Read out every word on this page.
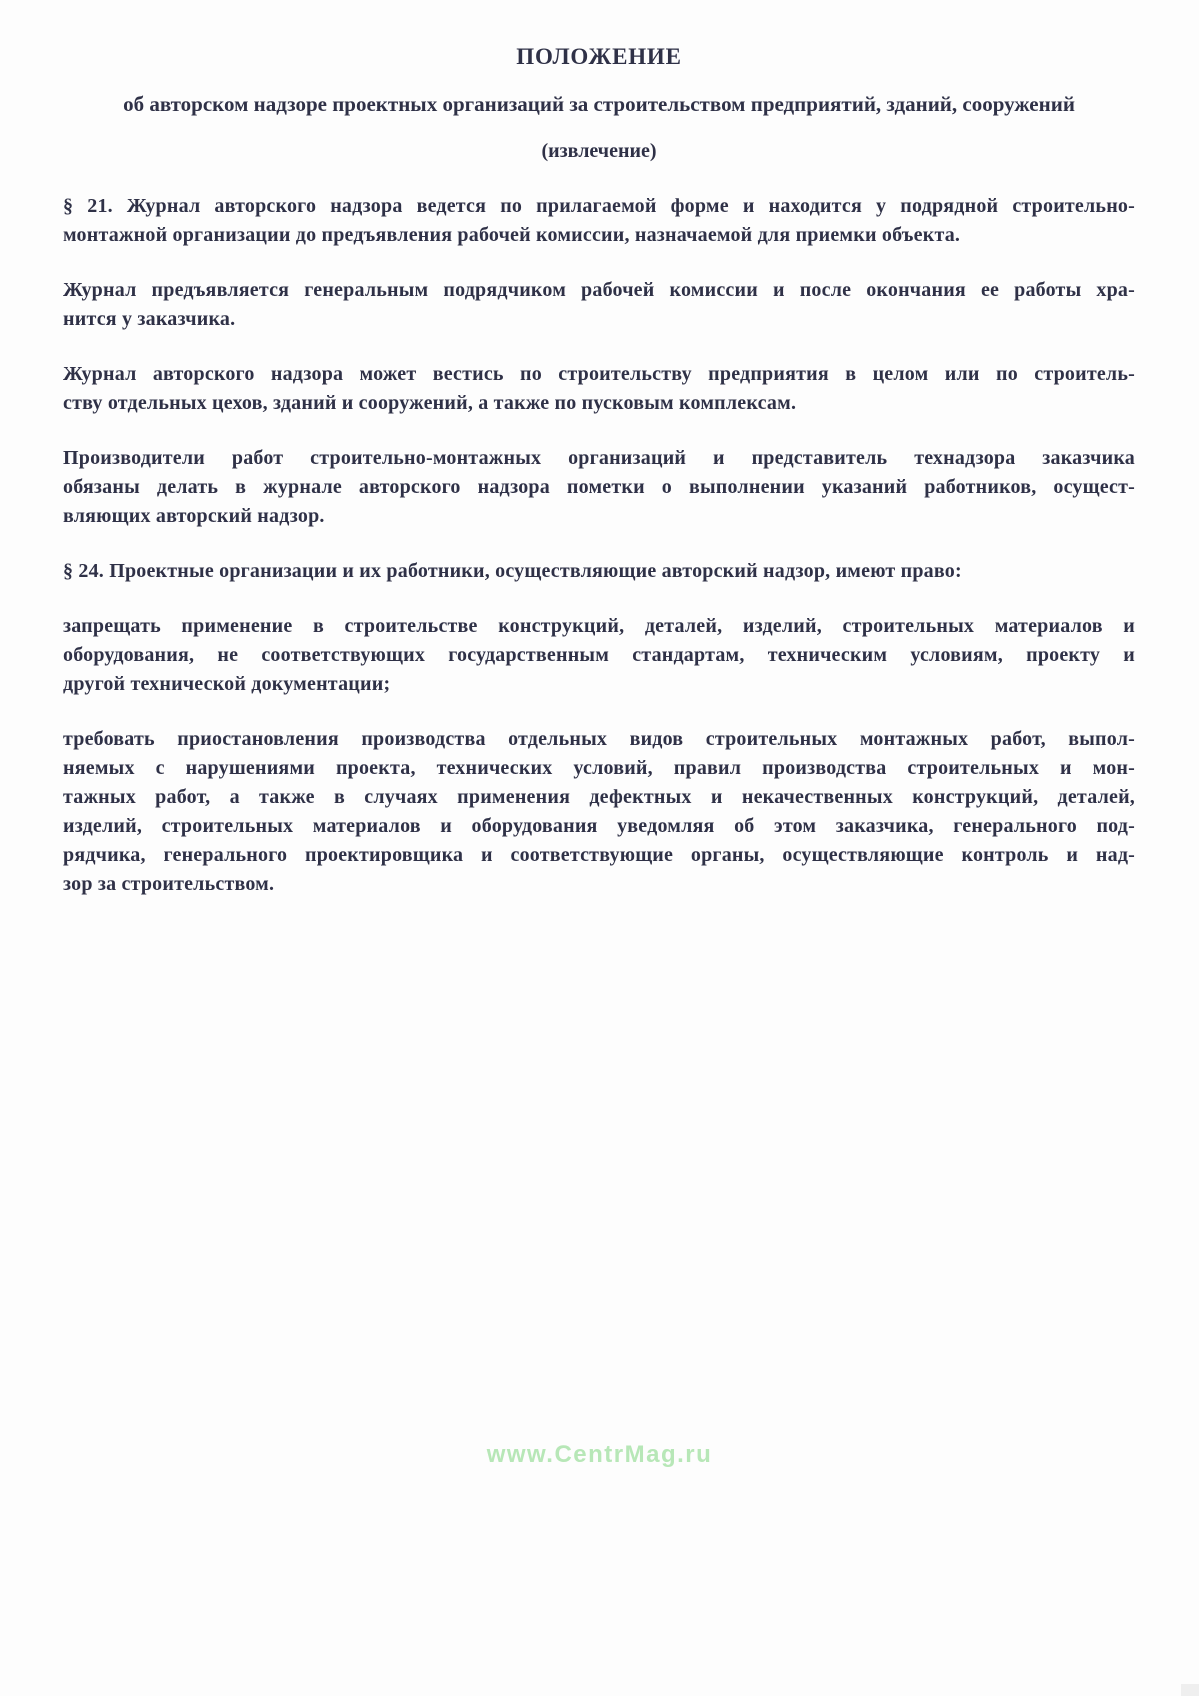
ПОЛОЖЕНИЕ
об авторском надзоре проектных организаций за строительством предприятий, зданий, сооружений
(извлечение)

§ 21. Журнал авторского надзора ведется по прилагаемой форме и находится у подрядной строительно-
монтажной организации до предъявления рабочей комиссии, назначаемой для приемки объекта.

Журнал предъявляется генеральным подрядчиком рабочей комиссии и после окончания ее работы хра-
нится у заказчика.

Журнал авторского надзора может вестись по строительству предприятия в целом или по строитель-
ству отдельных цехов, зданий и сооружений, а также по пусковым комплексам.

Производители работ строительно-монтажных организаций и представитель технадзора заказчика
обязаны делать в журнале авторского надзора пометки о выполнении указаний работников, осущест-
вляющих авторский надзор.

§ 24. Проектные организации и их работники, осуществляющие авторский надзор, имеют право:

запрещать применение в строительстве конструкций, деталей, изделий, строительных материалов и
оборудования, не соответствующих государственным стандартам, техническим условиям, проекту и
другой технической документации;

требовать приостановления производства отдельных видов строительных монтажных работ, выпол-
няемых с нарушениями проекта, технических условий, правил производства строительных и мон-
тажных работ, а также в случаях применения дефектных и некачественных конструкций, деталей,
изделий, строительных материалов и оборудования уведомляя об этом заказчика, генерального под-
рядчика, генерального проектировщика и соответствующие органы, осуществляющие контроль и над-
зор за строительством.

www.CentrMag.ru
